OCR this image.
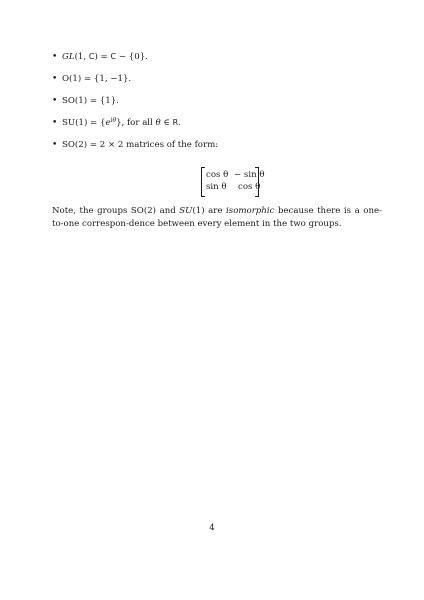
• GL(1, C) = C − {0}.
• O(1) = {1, −1}.
• SO(1) = {1}.
• $SU(1) = \{e^{i\theta}\}$, for all θ ∈ R.
• SO(2) = 2 × 2 matrices of the form:
cos θ − sin θ
sin θ cos θ

Note, the groups SO(2) and SU(1) are isomorphic because there is a one-to-one correspon-dence between every element in the two groups.

4
